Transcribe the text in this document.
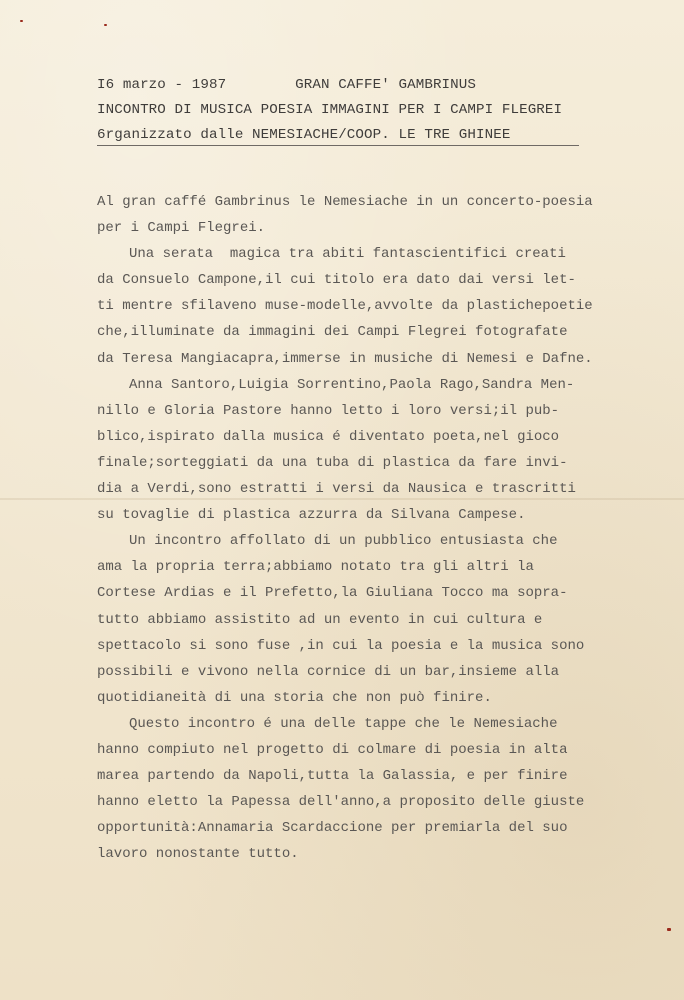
I6 marzo - 1987        GRAN CAFFE' GAMBRINUS
INCONTRO DI MUSICA POESIA IMMAGINI PER I CAMPI FLEGREI
6rganizzato dalle NEMESIACHE/COOP. LE TRE GHINEE
Al gran caffé Gambrinus le Nemesiache in un concerto-poesia
per i Campi Flegrei.
Una serata  magica tra abiti fantascientifici creati
da Consuelo Campone,il cui titolo era dato dai versi let-
ti mentre sfilaveno muse-modelle,avvolte da plastichepoetie
che,illuminate da immagini dei Campi Flegrei fotografate
da Teresa Mangiacapra,immerse in musiche di Nemesi e Dafne.
Anna Santoro,Luigia Sorrentino,Paola Rago,Sandra Men-
nillo e Gloria Pastore hanno letto i loro versi;il pub-
blico,ispirato dalla musica é diventato poeta,nel gioco
finale;sorteggiati da una tuba di plastica da fare invi-
dia a Verdi,sono estratti i versi da Nausica e trascritti
su tovaglie di plastica azzurra da Silvana Campese.
Un incontro affollato di un pubblico entusiasta che
ama la propria terra;abbiamo notato tra gli altri la
Cortese Ardias e il Prefetto,la Giuliana Tocco ma sopra-
tutto abbiamo assistito ad un evento in cui cultura e
spettacolo si sono fuse ,in cui la poesia e la musica sono
possibili e vivono nella cornice di un bar,insieme alla
quotidianeità di una storia che non può finire.
Questo incontro é una delle tappe che le Nemesiache
hanno compiuto nel progetto di colmare di poesia in alta
marea partendo da Napoli,tutta la Galassia, e per finire
hanno eletto la Papessa dell'anno,a proposito delle giuste
opportunità:Annamaria Scardaccione per premiarla del suo
lavoro nonostante tutto.
